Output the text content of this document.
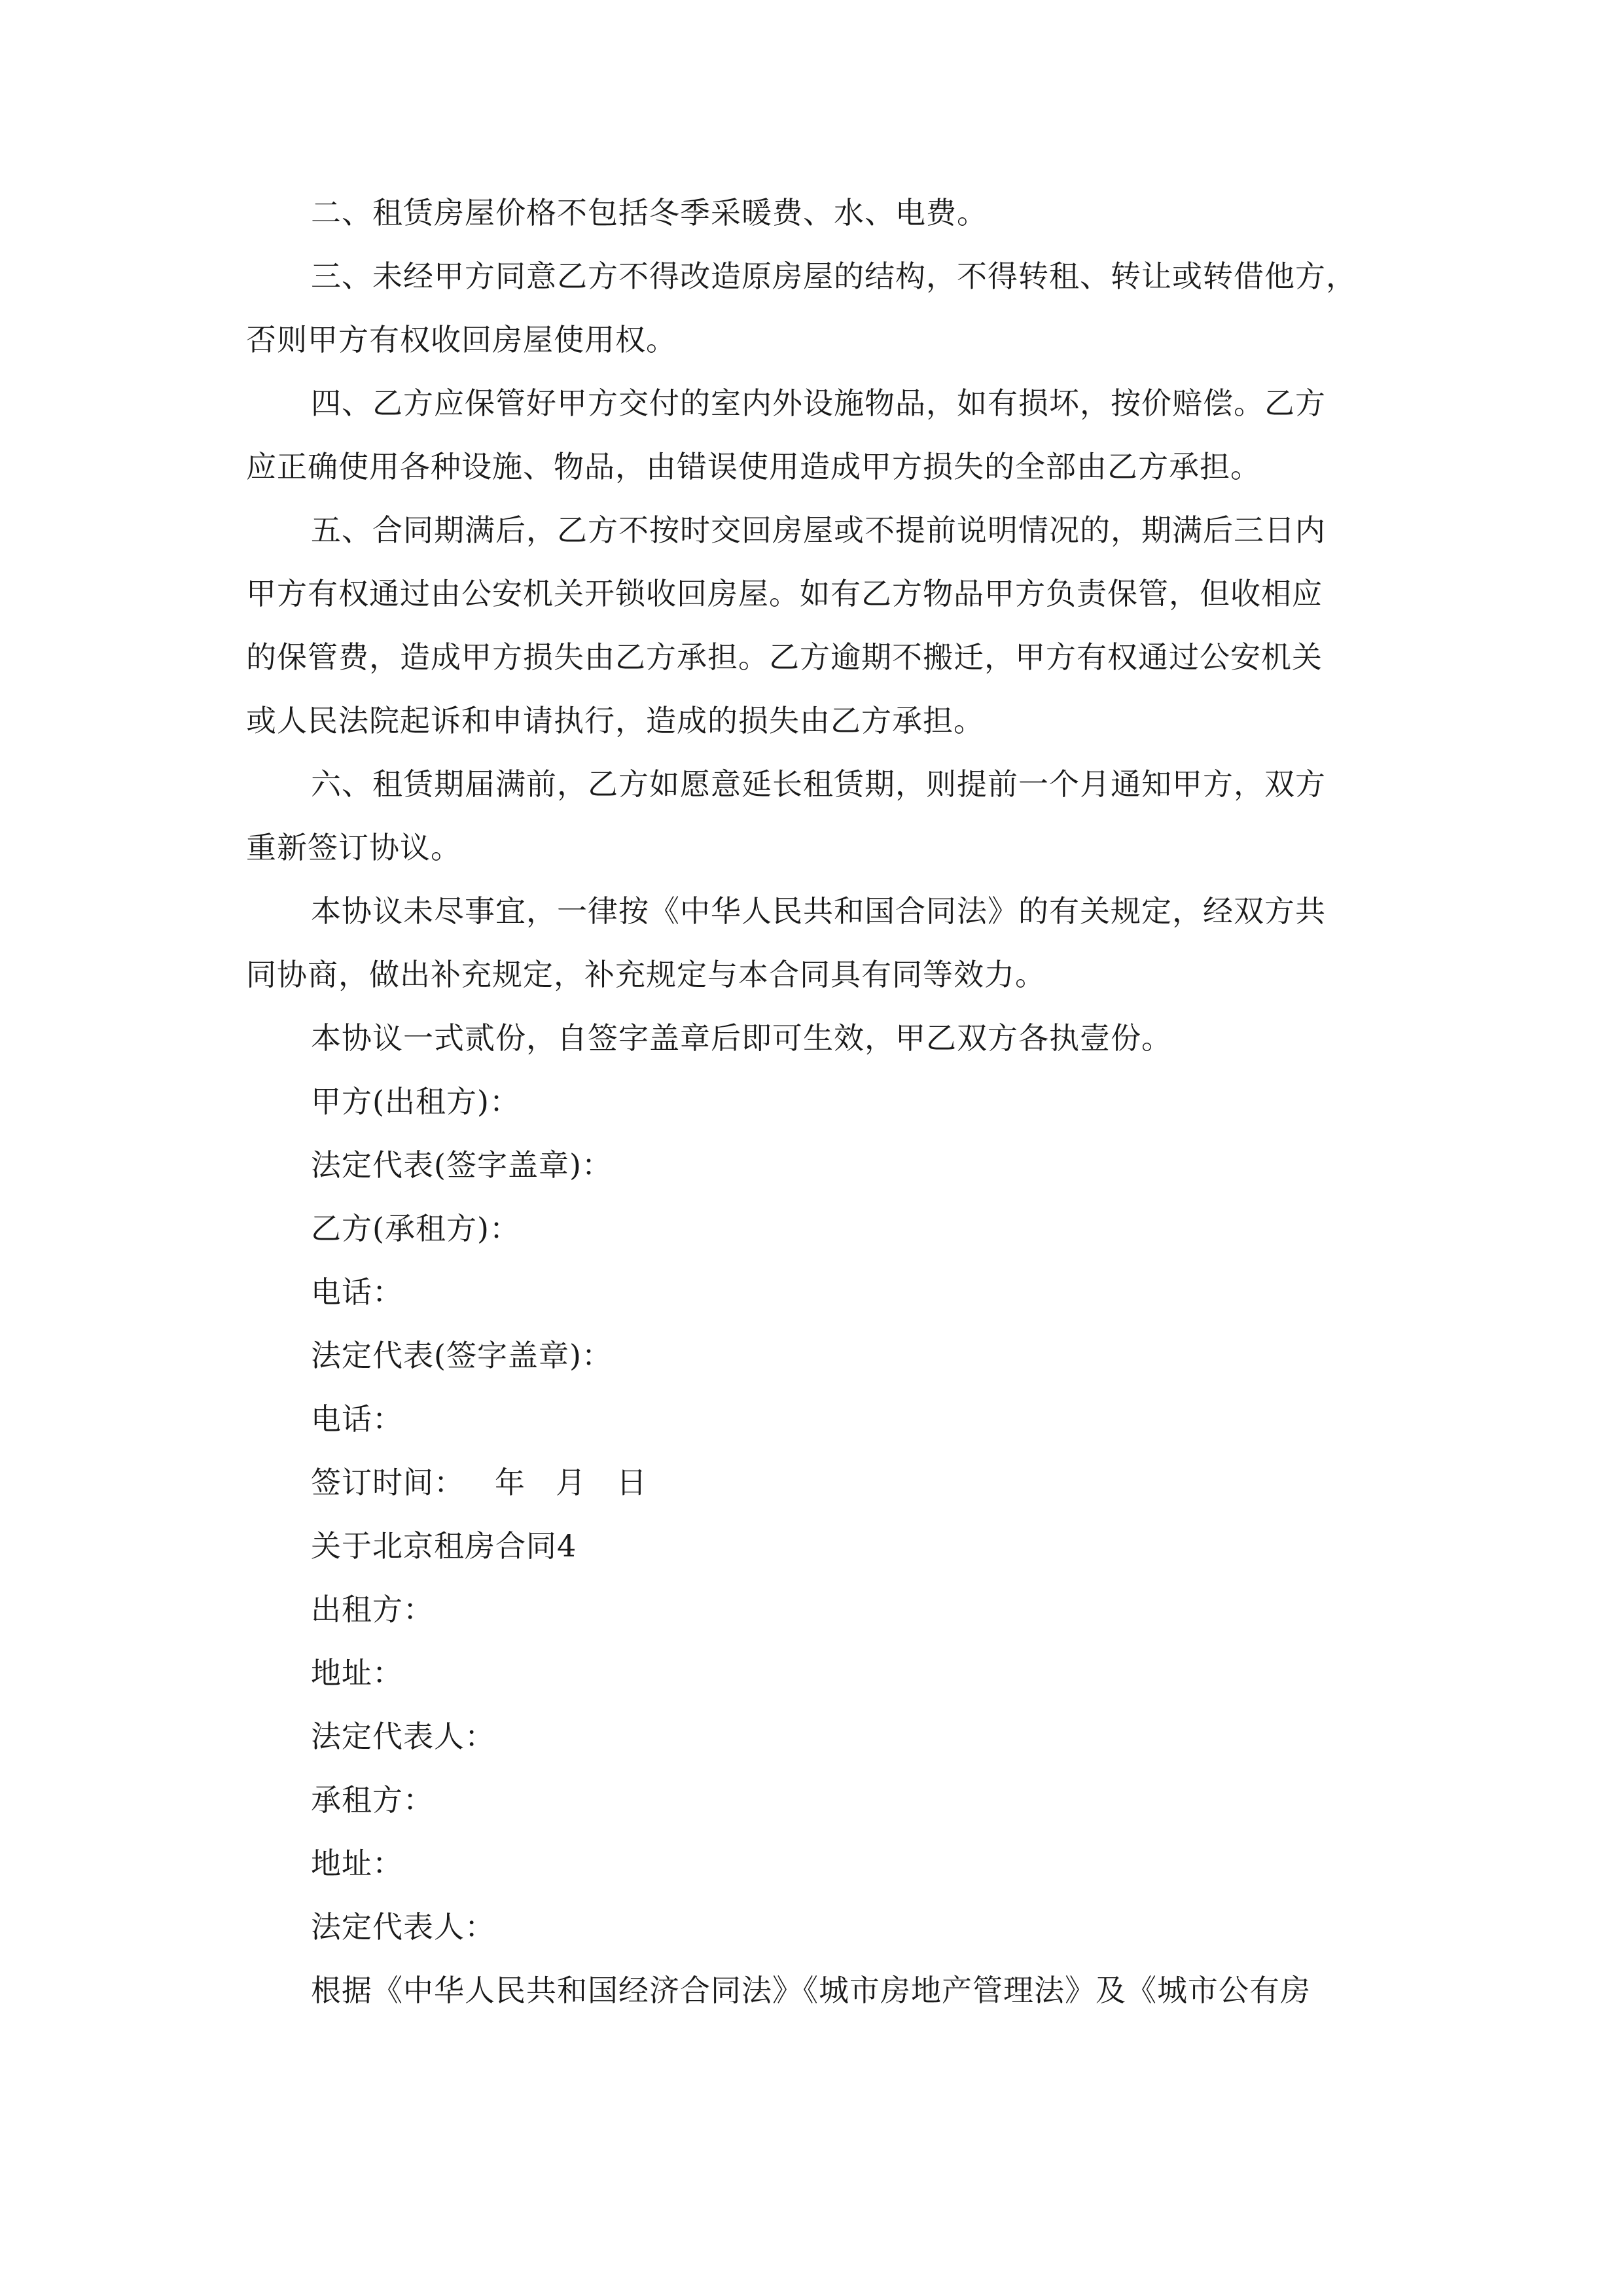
二、租赁房屋价格不包括冬季采暖费、水、电费。
三、未经甲方同意乙方不得改造原房屋的结构，不得转租、转让或转借他方，
否则甲方有权收回房屋使用权。
四、乙方应保管好甲方交付的室内外设施物品，如有损坏，按价赔偿。乙方
应正确使用各种设施、物品，由错误使用造成甲方损失的全部由乙方承担。
五、合同期满后，乙方不按时交回房屋或不提前说明情况的，期满后三日内
甲方有权通过由公安机关开锁收回房屋。如有乙方物品甲方负责保管，但收相应
的保管费，造成甲方损失由乙方承担。乙方逾期不搬迁，甲方有权通过公安机关
或人民法院起诉和申请执行，造成的损失由乙方承担。
六、租赁期届满前，乙方如愿意延长租赁期，则提前一个月通知甲方，双方
重新签订协议。
本协议未尽事宜，一律按《中华人民共和国合同法》的有关规定，经双方共
同协商，做出补充规定，补充规定与本合同具有同等效力。
本协议一式贰份，自签字盖章后即可生效，甲乙双方各执壹份。
甲方(出租方)：
法定代表(签字盖章)：
乙方(承租方)：
电话：
法定代表(签字盖章)：
电话：
签订时间： 年 月 日
关于北京租房合同4
出租方：
地址：
法定代表人：
承租方：
地址：
法定代表人：
根据《中华人民共和国经济合同法》《城市房地产管理法》及《城市公有房
